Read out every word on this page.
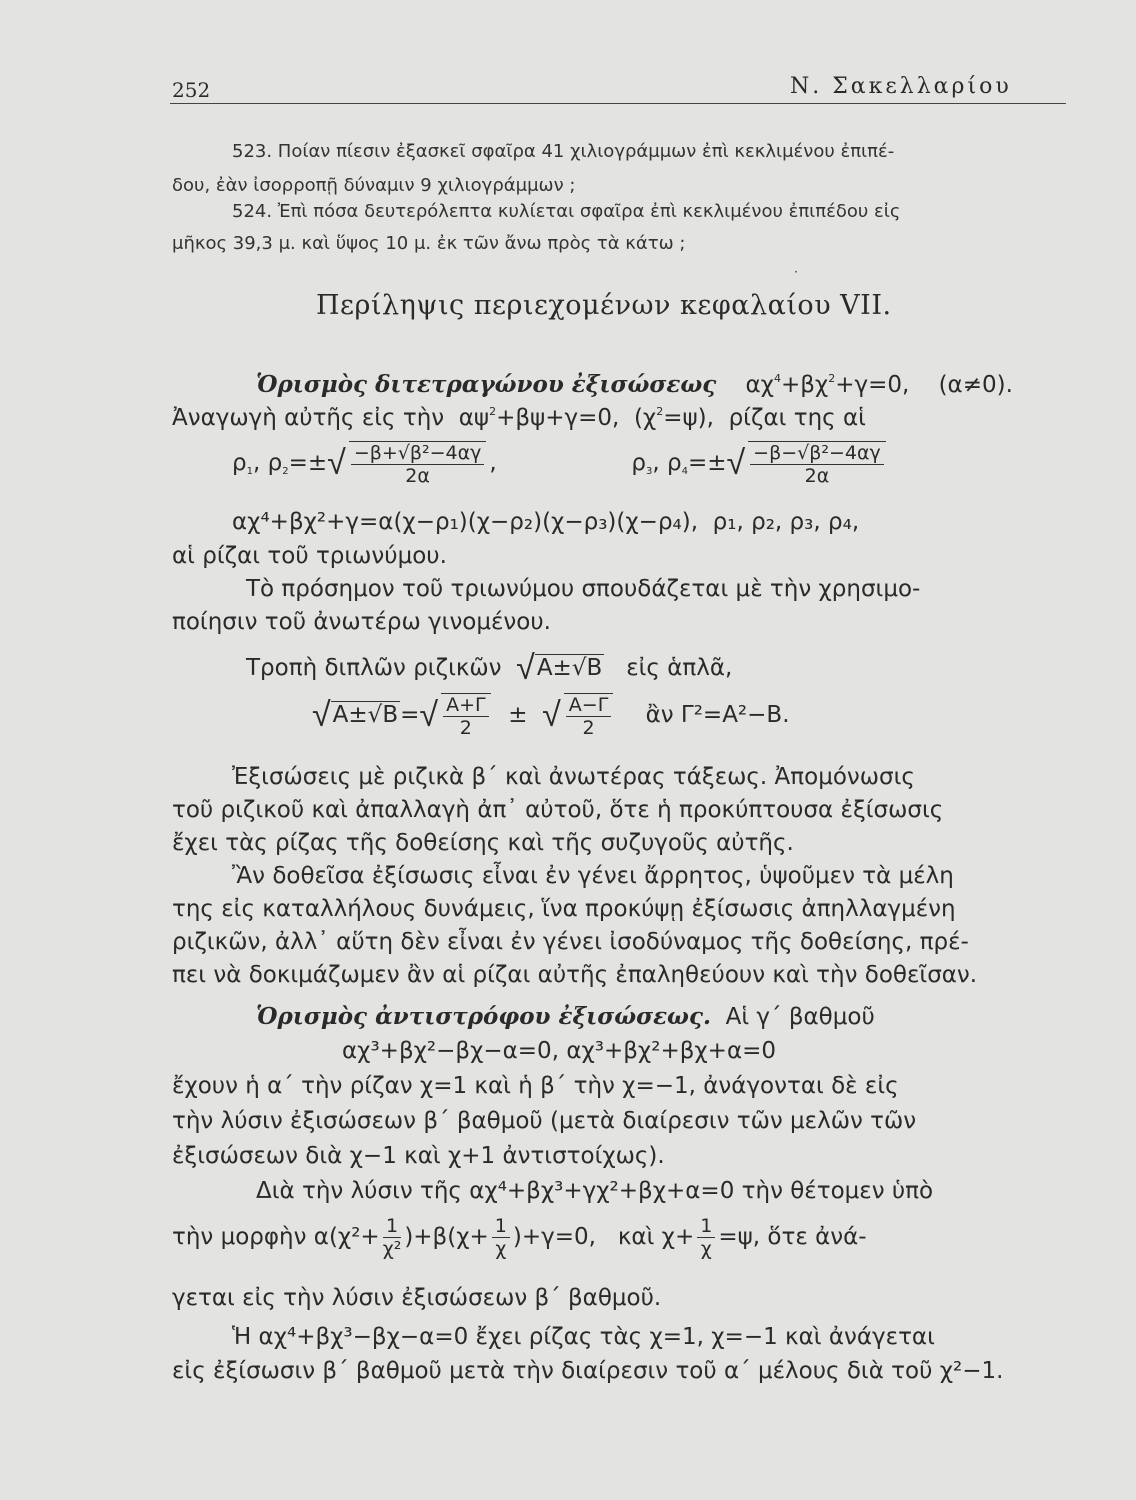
252	Ν. Σακελλαρίου
523. Ποίαν πίεσιν ἐξασκεῖ σφαῖρα 41 χιλιογράμμων ἐπὶ κεκλιμένου ἐπιπέ-
δου, ἐὰν ἰσορροπῇ δύναμιν 9 χιλιογράμμων ;
524. Ἐπὶ πόσα δευτερόλεπτα κυλίεται σφαῖρα ἐπὶ κεκλιμένου ἐπιπέδου εἰς
μῆκος 39,3 μ. καὶ ὕψος 10 μ. ἐκ τῶν ἄνω πρὸς τὰ κάτω ;
·
Περίληψις περιεχομένων κεφαλαίου VII.
Ὁρισμὸς διτετραγώνου ἐξισώσεως $\alpha\chi^4+\beta\chi^2+\gamma=0$, (α≠0).
Ἀναγωγὴ αὐτῆς εἰς τὴν $\alpha\psi^2+\beta\psi+\gamma=0$, $(\chi^2=\psi)$, ρίζαι της αἱ
$\rho_1$, $\rho_2=\pm√ \frac{\text{−β+√β²−4αγ}}{2\alpha}$ ,	$\rho_3$, $\rho_4=\pm√ \frac{\text{−β−√β²−4αγ}}{2\alpha}$
αχ⁴+βχ²+γ=α(χ−ρ₁)(χ−ρ₂)(χ−ρ₃)(χ−ρ₄), ρ₁, ρ₂, ρ₃, ρ₄,
αἱ ρίζαι τοῦ τριωνύμου.
Τὸ πρόσημον τοῦ τριωνύμου σπουδάζεται μὲ τὴν χρησιμο-
ποίησιν τοῦ ἀνωτέρω γινομένου.
Τροπὴ διπλῶν ριζικῶν √A±√B εἰς ἁπλᾶ,
$√A\pm√B=√ \frac{A+\Gamma}{2}$ ± √ $\frac{A-\Gamma}{2}$ ἂν Γ²=A²−B.
Ἐξισώσεις μὲ ριζικὰ β΄ καὶ ἀνωτέρας τάξεως. Ἀπομόνωσις
τοῦ ριζικοῦ καὶ ἀπαλλαγὴ ἀπ᾽ αὐτοῦ, ὅτε ἡ προκύπτουσα ἐξίσωσις
ἔχει τὰς ρίζας τῆς δοθείσης καὶ τῆς συζυγοῦς αὐτῆς.
Ἂν δοθεῖσα ἐξίσωσις εἶναι ἐν γένει ἄρρητος, ὑψοῦμεν τὰ μέλη
της εἰς καταλλήλους δυνάμεις, ἵνα προκύψῃ ἐξίσωσις ἀπηλλαγμένη
ριζικῶν, ἀλλ᾽ αὕτη δὲν εἶναι ἐν γένει ἰσοδύναμος τῆς δοθείσης, πρέ-
πει νὰ δοκιμάζωμεν ἂν αἱ ρίζαι αὐτῆς ἐπαληθεύουν καὶ τὴν δοθεῖσαν.
Ὁρισμὸς ἀντιστρόφου ἐξισώσεως. Αἱ γ΄ βαθμοῦ
αχ³+βχ²−βχ−α=0, αχ³+βχ²+βχ+α=0
ἔχουν ἡ α΄ τὴν ρίζαν χ=1 καὶ ἡ β΄ τὴν χ=−1, ἀνάγονται δὲ εἰς
τὴν λύσιν ἐξισώσεων β΄ βαθμοῦ (μετὰ διαίρεσιν τῶν μελῶν τῶν
ἐξισώσεων διὰ χ−1 καὶ χ+1 ἀντιστοίχως).
Διὰ τὴν λύσιν τῆς αχ⁴+βχ³+γχ²+βχ+α=0 τὴν θέτομεν ὑπὸ
τὴν μορφὴν $\alpha(\chi^2+ \frac{1}{\text{χ²}} )+\beta(\chi+ \frac{1}{\chi} )+\gamma=0$, καὶ $\chi+ \frac{1}{\chi} =\psi$, ὅτε ἀνά-
γεται εἰς τὴν λύσιν ἐξισώσεων β΄ βαθμοῦ.
Ἡ αχ⁴+βχ³−βχ−α=0 ἔχει ρίζας τὰς χ=1, χ=−1 καὶ ἀνάγεται
εἰς ἐξίσωσιν β΄ βαθμοῦ μετὰ τὴν διαίρεσιν τοῦ α΄ μέλους διὰ τοῦ χ²−1.
